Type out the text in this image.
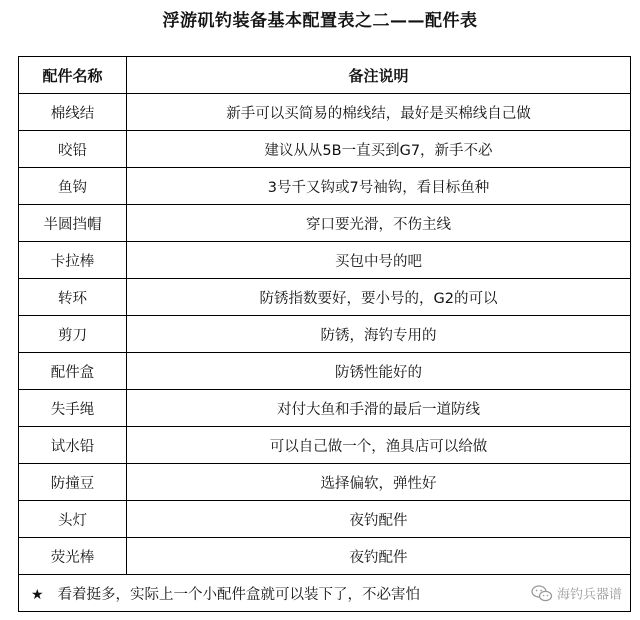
浮游矶钓装备基本配置表之二——配件表
配件名称	备注说明
棉线结	新手可以买简易的棉线结，最好是买棉线自己做
咬铅	建议从从5B一直买到G7，新手不必
鱼钩	3号千又钩或7号袖钩，看目标鱼种
半圆挡帽	穿口要光滑，不伤主线
卡拉棒	买包中号的吧
转环	防锈指数要好，要小号的，G2的可以
剪刀	防锈，海钓专用的
配件盒	防锈性能好的
失手绳	对付大鱼和手滑的最后一道防线
试水铅	可以自己做一个，渔具店可以给做
防撞豆	选择偏软，弹性好
头灯	夜钓配件
荧光棒	夜钓配件
★ 看着挺多，实际上一个小配件盒就可以装下了，不必害怕 海钓兵器谱	
